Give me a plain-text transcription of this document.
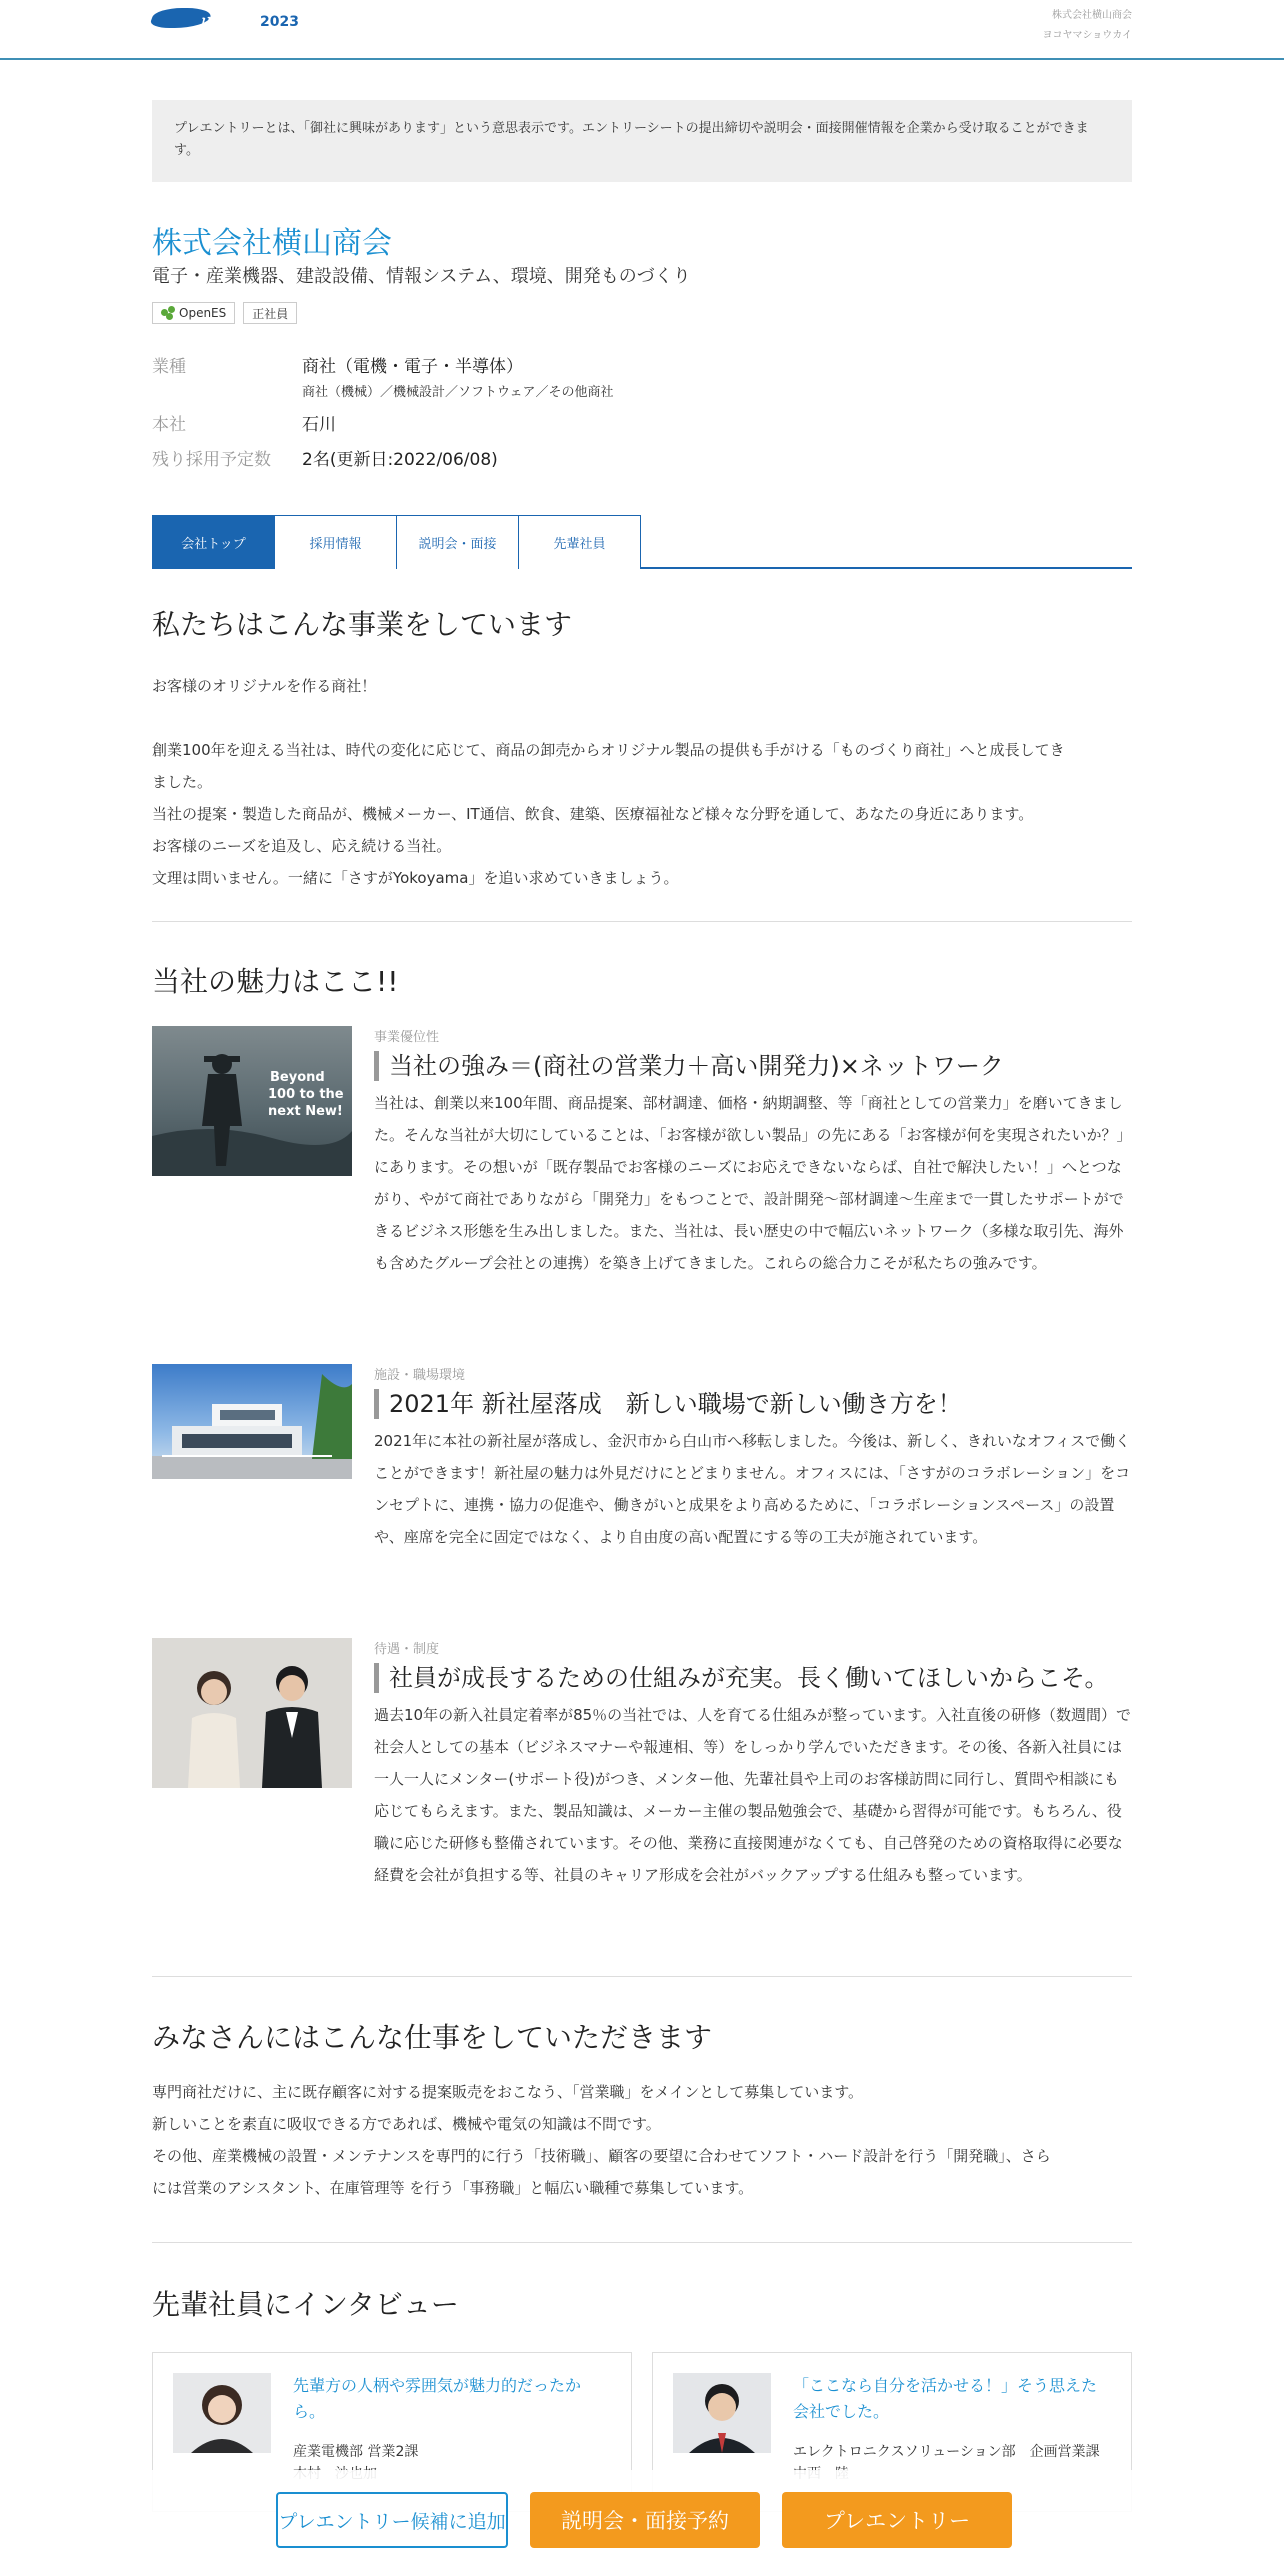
リクナビ 2023	株式会社横山商会
ヨコヤマショウカイ
プレエントリーとは、「御社に興味があります」という意思表示です。エントリーシートの提出締切や説明会・面接開催情報を企業から受け取ることができます。
株式会社横山商会
電子・産業機器、建設設備、情報システム、環境、開発ものづくり
OpenES	正社員
業種	商社（電機・電子・半導体）
商社（機械）／機械設計／ソフトウェア／その他商社
本社	石川
残り採用予定数	2名(更新日:2022/06/08)
会社トップ	採用情報	説明会・面接	先輩社員
私たちはこんな事業をしています
お客様のオリジナルを作る商社！
創業100年を迎える当社は、時代の変化に応じて、商品の卸売からオリジナル製品の提供も手がける「ものづくり商社」へと成長してき
ました。
当社の提案・製造した商品が、機械メーカー、IT通信、飲食、建築、医療福祉など様々な分野を通して、あなたの身近にあります。
お客様のニーズを追及し、応え続ける当社。
文理は問いません。一緒に「さすがYokoyama」を追い求めていきましょう。
当社の魅力はここ!!
Beyond
100 to the
next New!
事業優位性
当社の強み＝(商社の営業力＋高い開発力)×ネットワーク
当社は、創業以来100年間、商品提案、部材調達、価格・納期調整、等「商社としての営業力」を磨いてきました。そんな当社が大切にしていることは、「お客様が欲しい製品」の先にある「お客様が何を実現されたいか？」にあります。その想いが「既存製品でお客様のニーズにお応えできないならば、自社で解決したい！」へとつながり、やがて商社でありながら「開発力」をもつことで、設計開発～部材調達～生産まで一貫したサポートができるビジネス形態を生み出しました。また、当社は、長い歴史の中で幅広いネットワーク（多様な取引先、海外も含めたグループ会社との連携）を築き上げてきました。これらの総合力こそが私たちの強みです。
施設・職場環境
2021年 新社屋落成　新しい職場で新しい働き方を！
2021年に本社の新社屋が落成し、金沢市から白山市へ移転しました。今後は、新しく、きれいなオフィスで働くことができます！新社屋の魅力は外見だけにとどまりません。オフィスには、「さすがのコラボレーション」をコンセプトに、連携・協力の促進や、働きがいと成果をより高めるために、「コラボレーションスペース」の設置や、座席を完全に固定ではなく、より自由度の高い配置にする等の工夫が施されています。
待遇・制度
社員が成長するための仕組みが充実。長く働いてほしいからこそ。
過去10年の新入社員定着率が85％の当社では、人を育てる仕組みが整っています。入社直後の研修（数週間）で社会人としての基本（ビジネスマナーや報連相、等）をしっかり学んでいただきます。その後、各新入社員には一人一人にメンター(サポート役)がつき、メンター他、先輩社員や上司のお客様訪問に同行し、質問や相談にも応じてもらえます。また、製品知識は、メーカー主催の製品勉強会で、基礎から習得が可能です。もちろん、役職に応じた研修も整備されています。その他、業務に直接関連がなくても、自己啓発のための資格取得に必要な経費を会社が負担する等、社員のキャリア形成を会社がバックアップする仕組みも整っています。
みなさんにはこんな仕事をしていただきます
専門商社だけに、主に既存顧客に対する提案販売をおこなう、「営業職」をメインとして募集しています。
新しいことを素直に吸収できる方であれば、機械や電気の知識は不問です。
その他、産業機械の設置・メンテナンスを専門的に行う「技術職」、顧客の要望に合わせてソフト・ハード設計を行う「開発職」、さら
には営業のアシスタント、在庫管理等 を行う「事務職」と幅広い職種で募集しています。
先輩社員にインタビュー
先輩方の人柄や雰囲気が魅力的だったから。
産業電機部 営業2課
「ここなら自分を活かせる！」そう思えた会社でした。
エレクトロニクスソリューション部　企画営業課
プレエントリー候補に追加	説明会・面接予約	プレエントリー
